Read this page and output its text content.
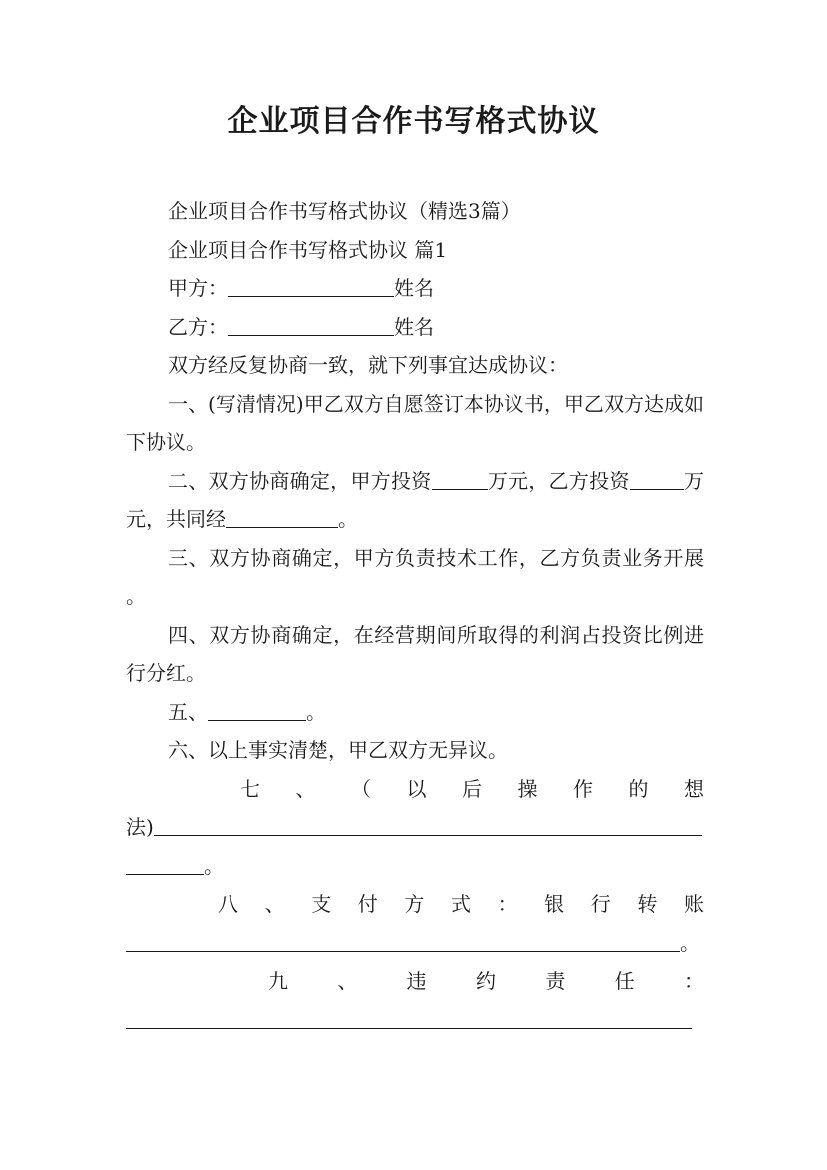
企业项目合作书写格式协议

企业项目合作书写格式协议（精选3篇）

企业项目合作书写格式协议 篇1

甲方：	姓名

乙方：	姓名

双方经反复协商一致，就下列事宜达成协议：

一、(写清情况)甲乙双方自愿签订本协议书，甲乙双方达成如下协议。

二、双方协商确定，甲方投资	万元，乙方投资	万元，共同经	。

三、双方协商确定，甲方负责技术工作，乙方负责业务开展。

四、双方协商确定，在经营期间所取得的利润占投资比例进行分红。

五、	。

六、以上事实清楚，甲乙双方无异议。

七 、 （ 以 后 操 作 的 想
法)
。
八 、 支 付 方 式 ： 银 行 转 账
。
九 、 违 约 责 任 ：
